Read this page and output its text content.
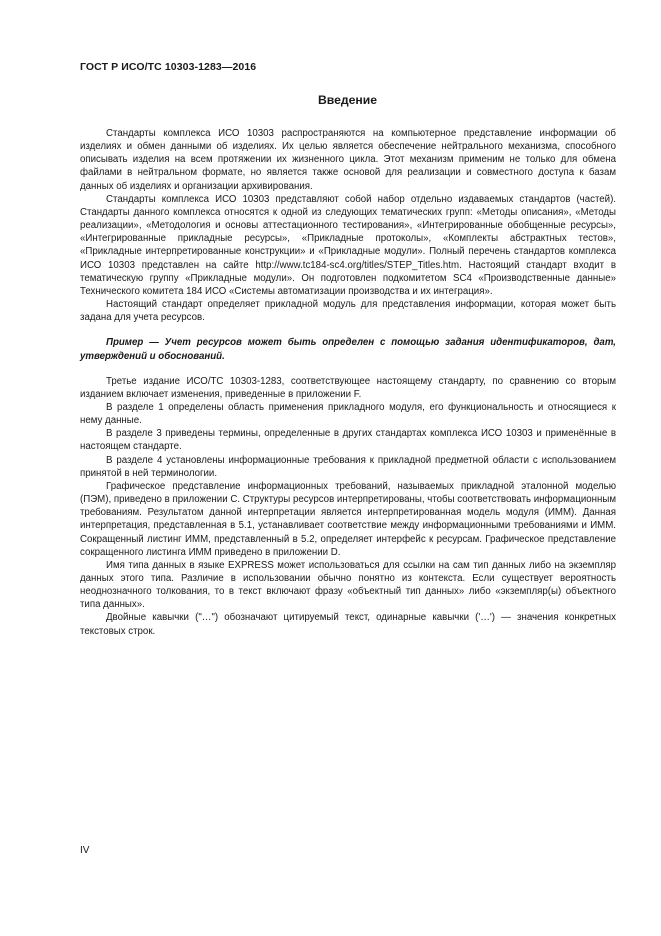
ГОСТ Р ИСО/ТС 10303-1283—2016
Введение

Стандарты комплекса ИСО 10303 распространяются на компьютерное представление информации об изделиях и обмен данными об изделиях. Их целью является обеспечение нейтрального механизма, способного описывать изделия на всем протяжении их жизненного цикла. Этот механизм применим не только для обмена файлами в нейтральном формате, но является также основой для реализации и совместного доступа к базам данных об изделиях и организации архивирования.

Стандарты комплекса ИСО 10303 представляют собой набор отдельно издаваемых стандартов (частей). Стандарты данного комплекса относятся к одной из следующих тематических групп: «Методы описания», «Методы реализации», «Методология и основы аттестационного тестирования», «Интегрированные обобщенные ресурсы», «Интегрированные прикладные ресурсы», «Прикладные протоколы», «Комплекты абстрактных тестов», «Прикладные интерпретированные конструкции» и «Прикладные модули». Полный перечень стандартов комплекса ИСО 10303 представлен на сайте http://www.tc184-sc4.org/titles/STEP_Titles.htm. Настоящий стандарт входит в тематическую группу «Прикладные модули». Он подготовлен подкомитетом SC4 «Производственные данные» Технического комитета 184 ИСО «Системы автоматизации производства и их интеграция».

Настоящий стандарт определяет прикладной модуль для представления информации, которая может быть задана для учета ресурсов.

Пример — Учет ресурсов может быть определен с помощью задания идентификаторов, дат, утверждений и обоснований.

Третье издание ИСО/ТС 10303-1283, соответствующее настоящему стандарту, по сравнению со вторым изданием включает изменения, приведенные в приложении F.

В разделе 1 определены область применения прикладного модуля, его функциональность и относящиеся к нему данные.

В разделе 3 приведены термины, определенные в других стандартах комплекса ИСО 10303 и применённые в настоящем стандарте.

В разделе 4 установлены информационные требования к прикладной предметной области с использованием принятой в ней терминологии.

Графическое представление информационных требований, называемых прикладной эталонной моделью (ПЭМ), приведено в приложении C. Структуры ресурсов интерпретированы, чтобы соответствовать информационным требованиям. Результатом данной интерпретации является интерпретированная модель модуля (ИММ). Данная интерпретация, представленная в 5.1, устанавливает соответствие между информационными требованиями и ИММ. Сокращенный листинг ИММ, представленный в 5.2, определяет интерфейс к ресурсам. Графическое представление сокращенного листинга ИММ приведено в приложении D.

Имя типа данных в языке EXPRESS может использоваться для ссылки на сам тип данных либо на экземпляр данных этого типа. Различие в использовании обычно понятно из контекста. Если существует вероятность неоднозначного толкования, то в текст включают фразу «объектный тип данных» либо «экземпляр(ы) объектного типа данных».

Двойные кавычки ("…") обозначают цитируемый текст, одинарные кавычки ('…') — значения конкретных текстовых строк.

IV
